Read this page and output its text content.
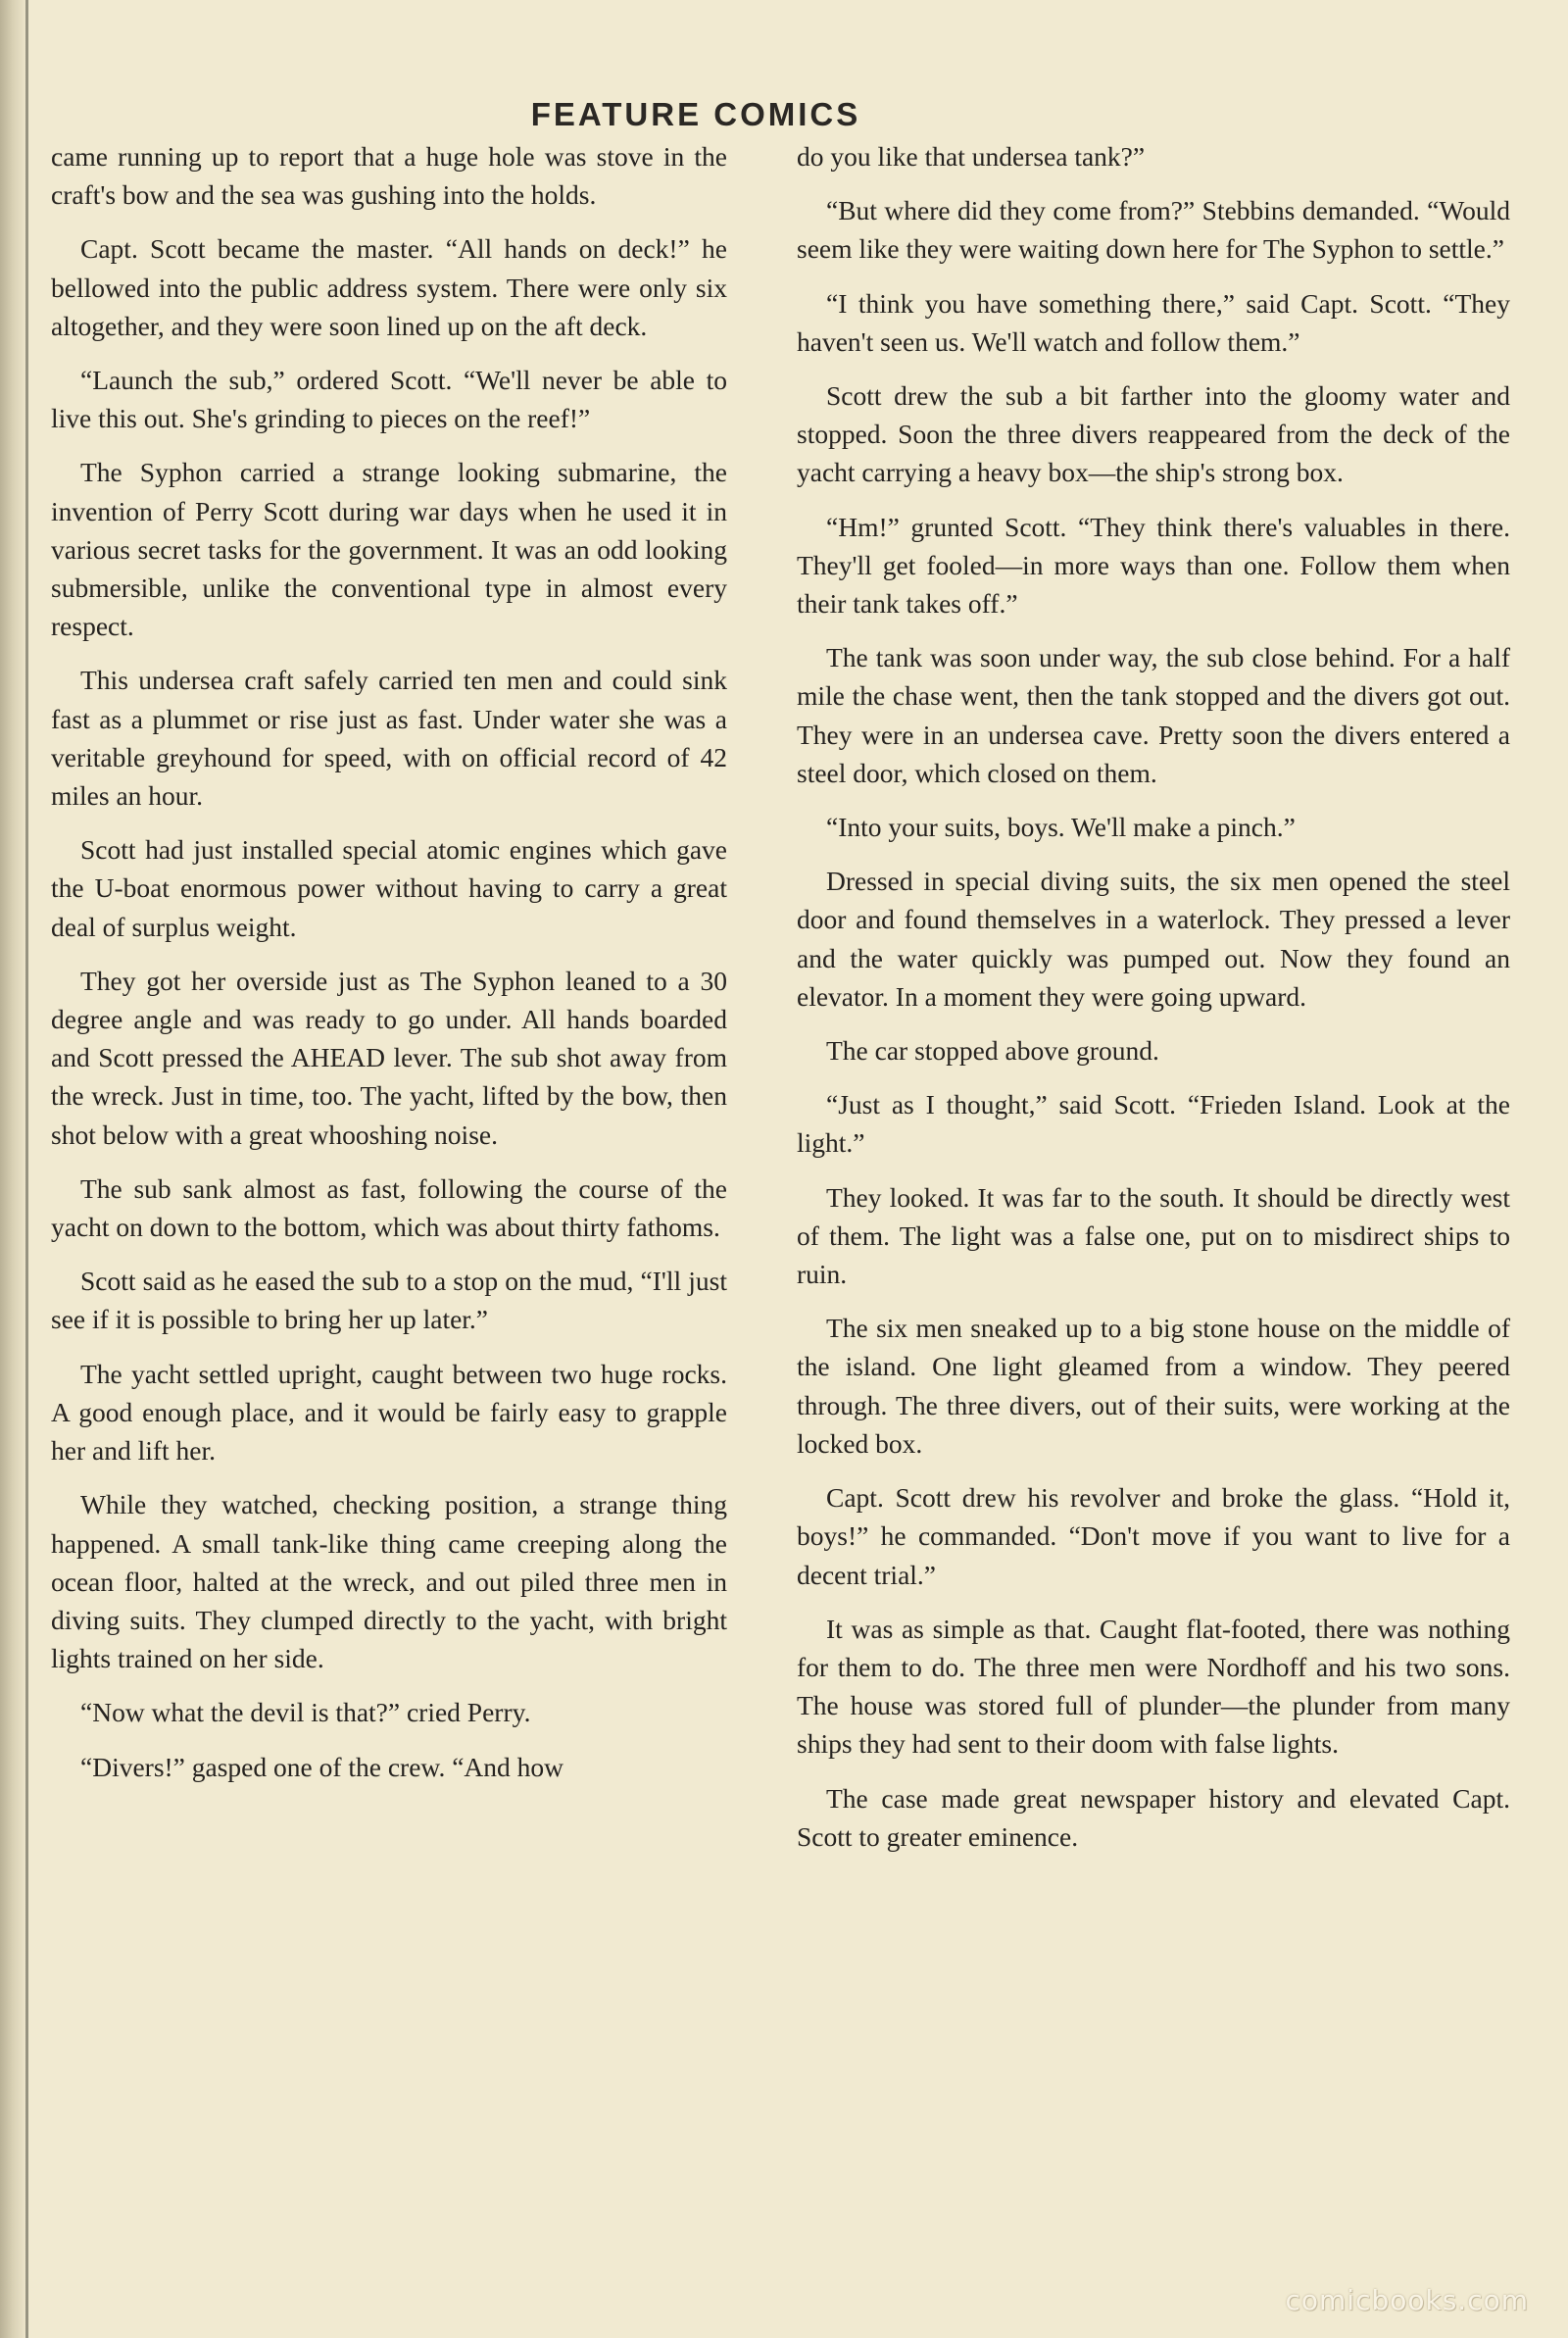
FEATURE COMICS

came running up to report that a huge hole was stove in the craft's bow and the sea was gushing into the holds.

Capt. Scott became the master. “All hands on deck!” he bellowed into the public address system. There were only six altogether, and they were soon lined up on the aft deck.

“Launch the sub,” ordered Scott. “We'll never be able to live this out. She's grinding to pieces on the reef!”

The Syphon carried a strange looking submarine, the invention of Perry Scott during war days when he used it in various secret tasks for the government. It was an odd looking submersible, unlike the conventional type in almost every respect.

This undersea craft safely carried ten men and could sink fast as a plummet or rise just as fast. Under water she was a veritable greyhound for speed, with on official record of 42 miles an hour.

Scott had just installed special atomic engines which gave the U-boat enormous power without having to carry a great deal of surplus weight.

They got her overside just as The Syphon leaned to a 30 degree angle and was ready to go under. All hands boarded and Scott pressed the AHEAD lever. The sub shot away from the wreck. Just in time, too. The yacht, lifted by the bow, then shot below with a great whooshing noise.

The sub sank almost as fast, following the course of the yacht on down to the bottom, which was about thirty fathoms.

Scott said as he eased the sub to a stop on the mud, “I'll just see if it is possible to bring her up later.”

The yacht settled upright, caught between two huge rocks. A good enough place, and it would be fairly easy to grapple her and lift her.

While they watched, checking position, a strange thing happened. A small tank-like thing came creeping along the ocean floor, halted at the wreck, and out piled three men in diving suits. They clumped directly to the yacht, with bright lights trained on her side.

“Now what the devil is that?” cried Perry.

“Divers!” gasped one of the crew. “And how

do you like that undersea tank?”

“But where did they come from?” Stebbins demanded. “Would seem like they were waiting down here for The Syphon to settle.”

“I think you have something there,” said Capt. Scott. “They haven't seen us. We'll watch and follow them.”

Scott drew the sub a bit farther into the gloomy water and stopped. Soon the three divers reappeared from the deck of the yacht carrying a heavy box—the ship's strong box.

“Hm!” grunted Scott. “They think there's valuables in there. They'll get fooled—in more ways than one. Follow them when their tank takes off.”

The tank was soon under way, the sub close behind. For a half mile the chase went, then the tank stopped and the divers got out. They were in an undersea cave. Pretty soon the divers entered a steel door, which closed on them.

“Into your suits, boys. We'll make a pinch.”

Dressed in special diving suits, the six men opened the steel door and found themselves in a waterlock. They pressed a lever and the water quickly was pumped out. Now they found an elevator. In a moment they were going upward.

The car stopped above ground.

“Just as I thought,” said Scott. “Frieden Island. Look at the light.”

They looked. It was far to the south. It should be directly west of them. The light was a false one, put on to misdirect ships to ruin.

The six men sneaked up to a big stone house on the middle of the island. One light gleamed from a window. They peered through. The three divers, out of their suits, were working at the locked box.

Capt. Scott drew his revolver and broke the glass. “Hold it, boys!” he commanded. “Don't move if you want to live for a decent trial.”

It was as simple as that. Caught flat-footed, there was nothing for them to do. The three men were Nordhoff and his two sons. The house was stored full of plunder—the plunder from many ships they had sent to their doom with false lights.

The case made great newspaper history and elevated Capt. Scott to greater eminence.

comicbooks.com
